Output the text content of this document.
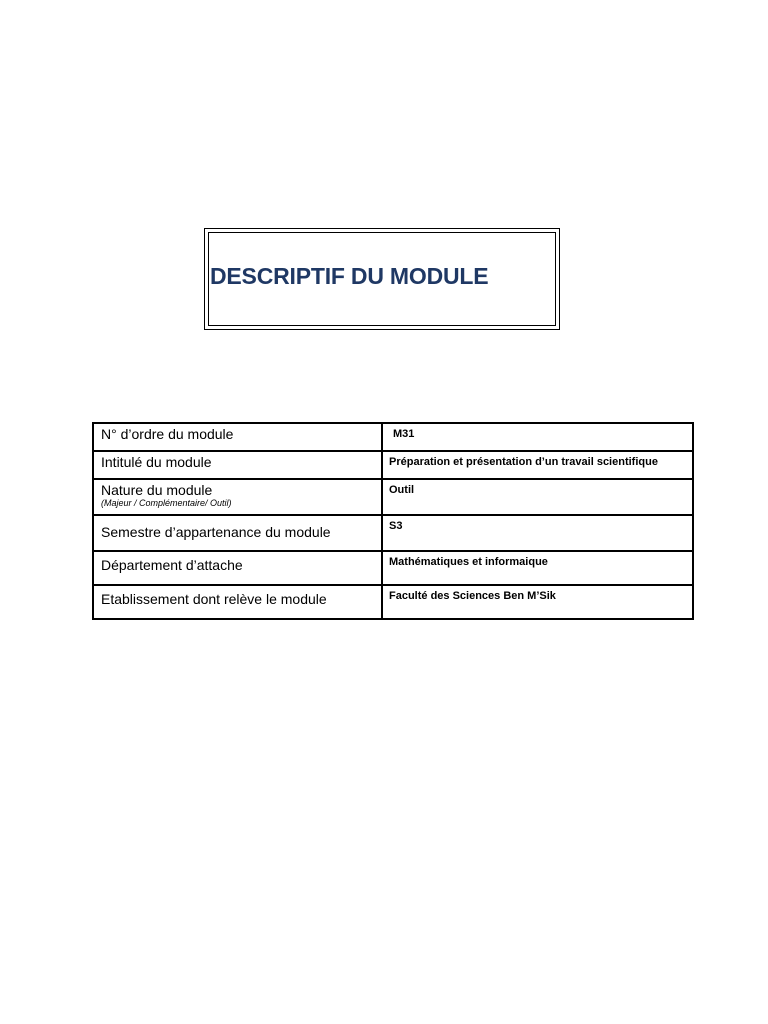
DESCRIPTIF DU MODULE
N° d’ordre du module	M31

Intitulé du module	Préparation et présentation d’un travail scientifique

Nature du module
(Majeur / Complémentaire/ Outil)	Outil

Semestre d’appartenance du module	S3

Département d’attache	Mathématiques et informaique

Etablissement dont relève le module	Faculté des Sciences Ben M’Sik
